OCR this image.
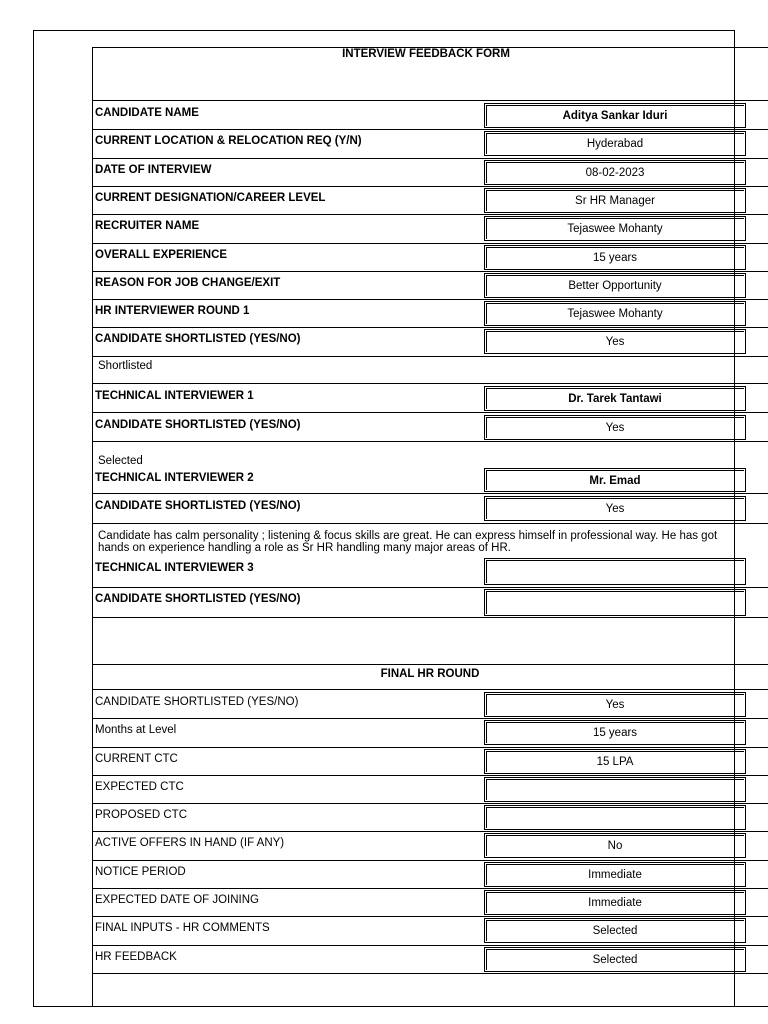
INTERVIEW FEEDBACK FORM
CANDIDATE NAME	Aditya Sankar Iduri
CURRENT LOCATION & RELOCATION REQ (Y/N)	Hyderabad
DATE OF INTERVIEW	08-02-2023
CURRENT DESIGNATION/CAREER LEVEL	Sr HR Manager
RECRUITER NAME	Tejaswee Mohanty
OVERALL EXPERIENCE	15 years
REASON FOR JOB CHANGE/EXIT	Better Opportunity
HR INTERVIEWER ROUND 1	Tejaswee Mohanty
CANDIDATE SHORTLISTED (YES/NO)	Yes
Shortlisted
TECHNICAL INTERVIEWER 1	Dr. Tarek Tantawi
CANDIDATE SHORTLISTED (YES/NO)	Yes
Selected
TECHNICAL INTERVIEWER 2	Mr. Emad
CANDIDATE SHORTLISTED (YES/NO)	Yes
Candidate has calm personality ; listening & focus skills are great. He can express himself in professional way. He has got hands on experience handling a role as Sr HR handling many major areas of HR.
TECHNICAL INTERVIEWER 3
CANDIDATE SHORTLISTED (YES/NO)
FINAL HR ROUND
CANDIDATE SHORTLISTED (YES/NO)	Yes
Months at Level	15 years
CURRENT CTC	15 LPA
EXPECTED CTC
PROPOSED CTC
ACTIVE OFFERS IN HAND (IF ANY)	No
NOTICE PERIOD	Immediate
EXPECTED DATE OF JOINING	Immediate
FINAL INPUTS - HR COMMENTS	Selected
HR FEEDBACK	Selected
